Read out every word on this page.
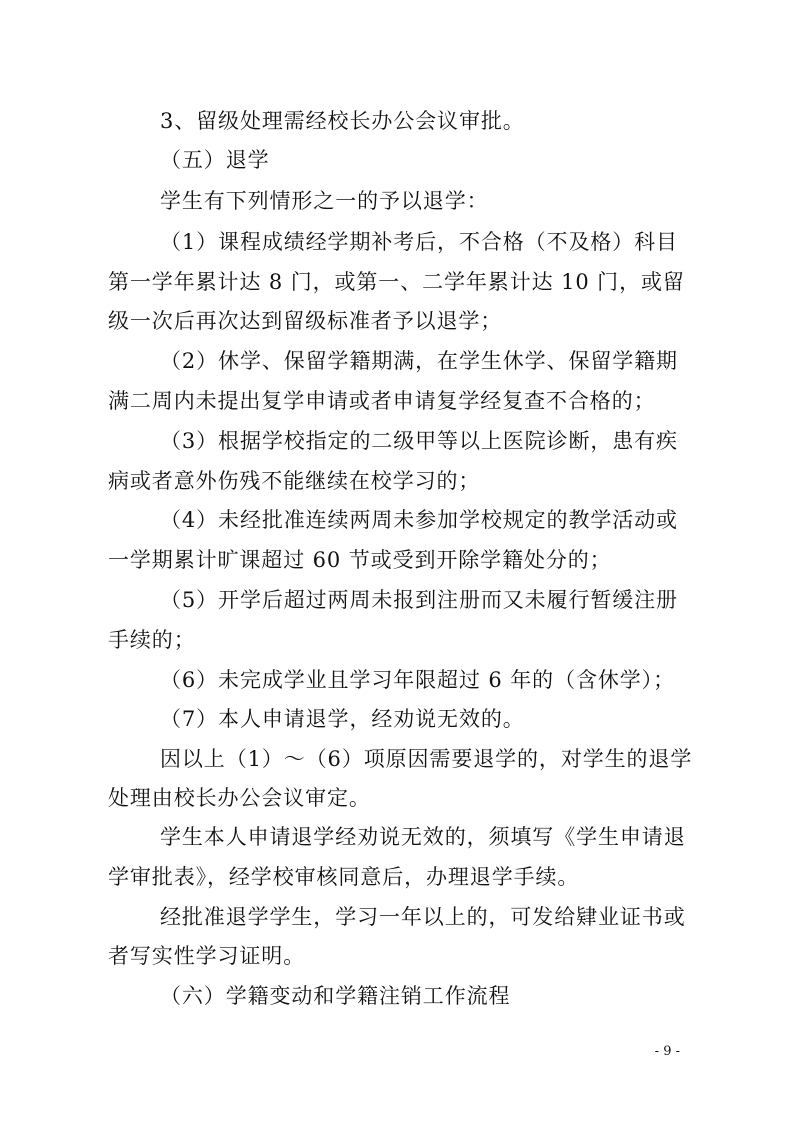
3、留级处理需经校长办公会议审批。
（五）退学
学生有下列情形之一的予以退学：
（1）课程成绩经学期补考后，不合格（不及格）科目
第一学年累计达 8 门，或第一、二学年累计达 10 门，或留
级一次后再次达到留级标准者予以退学；
（2）休学、保留学籍期满，在学生休学、保留学籍期
满二周内未提出复学申请或者申请复学经复查不合格的；
（3）根据学校指定的二级甲等以上医院诊断，患有疾
病或者意外伤残不能继续在校学习的；
（4）未经批准连续两周未参加学校规定的教学活动或
一学期累计旷课超过 60 节或受到开除学籍处分的；
（5）开学后超过两周未报到注册而又未履行暂缓注册
手续的；
（6）未完成学业且学习年限超过 6 年的（含休学）；
（7）本人申请退学，经劝说无效的。
因以上（1）～（6）项原因需要退学的，对学生的退学
处理由校长办公会议审定。
学生本人申请退学经劝说无效的，须填写《学生申请退
学审批表》，经学校审核同意后，办理退学手续。
经批准退学学生，学习一年以上的，可发给肄业证书或
者写实性学习证明。
（六）学籍变动和学籍注销工作流程
- 9 -
